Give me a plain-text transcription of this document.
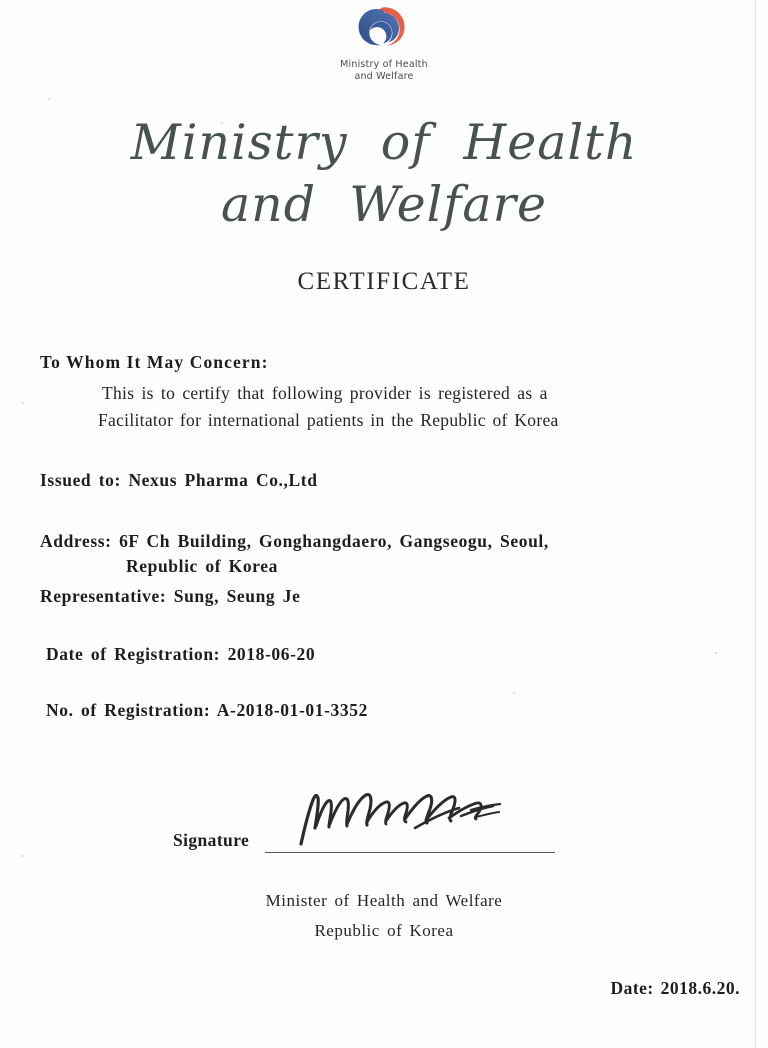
Ministry of Health
and Welfare
Ministry  of  Health
and  Welfare
CERTIFICATE

To Whom It May Concern:

This is to certify that following provider is registered as a

Facilitator for international patients in the Republic of Korea

Issued to: Nexus Pharma Co.,Ltd

Address: 6F Ch Building, Gonghangdaero, Gangseogu, Seoul,

Republic of Korea

Representative: Sung, Seung Je

Date of Registration: 2018-06-20

No. of Registration: A-2018-01-01-3352

Signature
Minister of Health and Welfare
Republic of Korea
Date: 2018.6.20.
